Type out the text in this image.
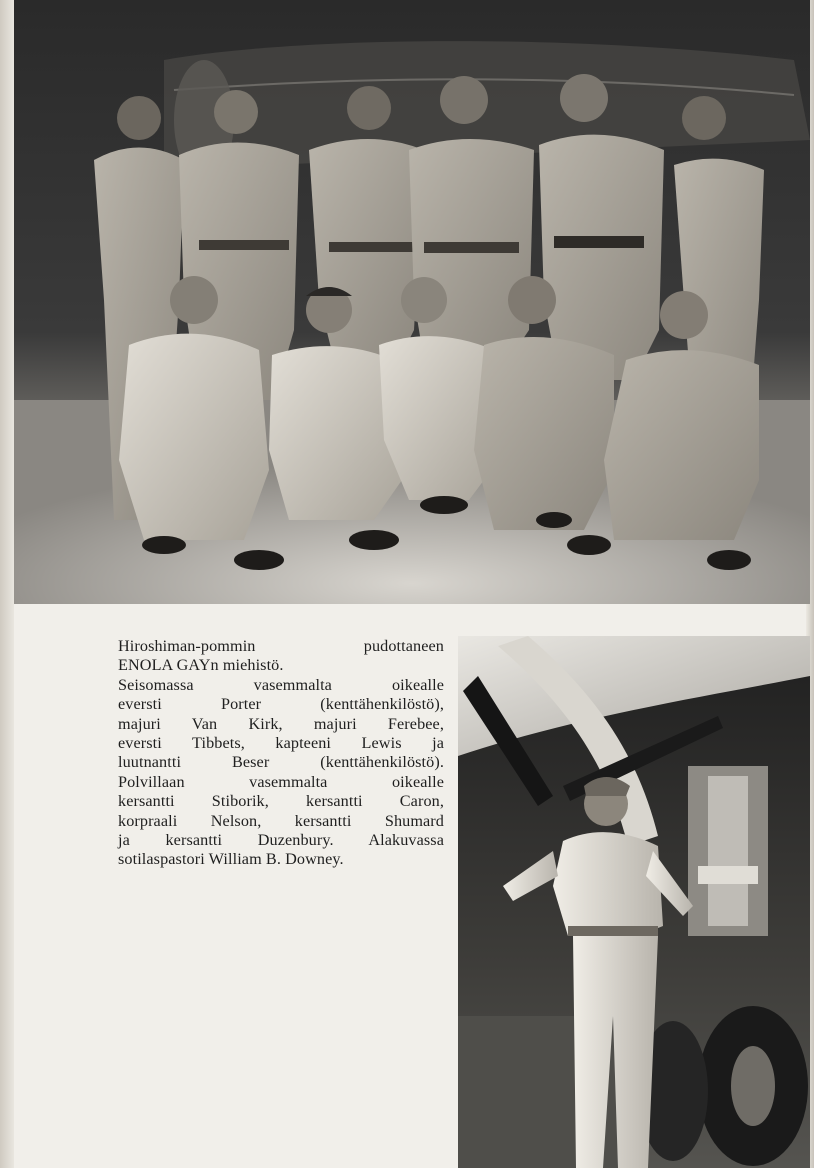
Hiroshiman-pommin pudottaneen
ENOLA GAYn miehistö.
Seisomassa vasemmalta oikealle
eversti Porter (kenttähenkilöstö),
majuri Van Kirk, majuri Ferebee,
eversti Tibbets, kapteeni Lewis ja
luutnantti Beser (kenttähenkilöstö).
Polvillaan vasemmalta oikealle
kersantti Stiborik, kersantti Caron,
korpraali Nelson, kersantti Shumard
ja kersantti Duzenbury. Alakuvassa
sotilaspastori William B. Downey.
